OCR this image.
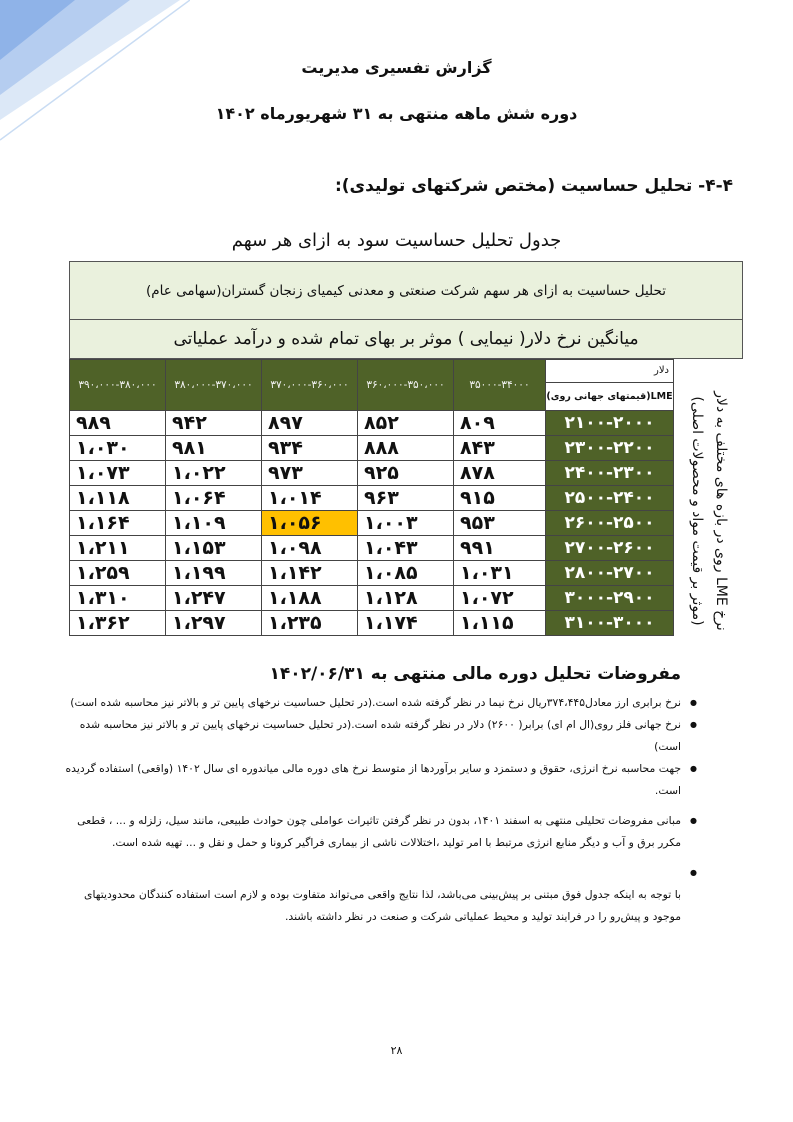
گزارش تفسیری مدیریت
دوره شش ماهه منتهی به ۳۱ شهریورماه ۱۴۰۲
۴-۴- تحلیل حساسیت (مختص شرکتهای تولیدی):
جدول تحلیل حساسیت سود به ازای هر سهم
تحلیل حساسیت به ازای هر سهم شرکت صنعتی و معدنی کیمیای زنجان گستران(سهامی عام)
میانگین نرخ دلار( نیمایی ) موثر بر بهای تمام شده و درآمد عملیاتی
۳۹۰،۰۰۰-۳۸۰،۰۰۰	۳۸۰،۰۰۰-۳۷۰،۰۰۰	۳۷۰،۰۰۰-۳۶۰،۰۰۰	۳۶۰،۰۰۰-۳۵۰،۰۰۰	۳۵۰۰۰-۳۴۰۰۰	دلار
LME(قیمتهای جهانی روی)

۹۸۹	۹۴۲	۸۹۷	۸۵۲	۸۰۹	۲۱۰۰-۲۰۰۰
۱،۰۳۰	۹۸۱	۹۳۴	۸۸۸	۸۴۳	۲۳۰۰-۲۲۰۰
۱،۰۷۳	۱،۰۲۲	۹۷۳	۹۲۵	۸۷۸	۲۴۰۰-۲۳۰۰
۱،۱۱۸	۱،۰۶۴	۱،۰۱۴	۹۶۳	۹۱۵	۲۵۰۰-۲۴۰۰
۱،۱۶۴	۱،۱۰۹	۱،۰۵۶	۱،۰۰۳	۹۵۳	۲۶۰۰-۲۵۰۰
۱،۲۱۱	۱،۱۵۳	۱،۰۹۸	۱،۰۴۳	۹۹۱	۲۷۰۰-۲۶۰۰
۱،۲۵۹	۱،۱۹۹	۱،۱۴۲	۱،۰۸۵	۱،۰۳۱	۲۸۰۰-۲۷۰۰
۱،۳۱۰	۱،۲۴۷	۱،۱۸۸	۱،۱۲۸	۱،۰۷۲	۳۰۰۰-۲۹۰۰
۱،۳۶۲	۱،۲۹۷	۱،۲۳۵	۱،۱۷۴	۱،۱۱۵	۳۱۰۰-۳۰۰۰
نرخ LME روی در بازه های مختلف به دلار
(موثر بر قیمت مواد و محصولات اصلی)
مفروضات تحلیل دوره مالی منتهی به ۱۴۰۲/۰۶/۳۱
● نرخ برابری ارز معادل۳۷۴،۴۴۵ریال نرخ نیما در نظر گرفته شده است.(در تحلیل حساسیت نرخهای پایین تر و بالاتر نیز محاسبه شده است)
● نرخ جهانی فلز روی(ال ام ای) برابر( ۲۶۰۰) دلار در نظر گرفته شده است.(در تحلیل حساسیت نرخهای پایین تر و بالاتر نیز محاسبه شده است)
● جهت محاسبه نرخ انرژی، حقوق و دستمزد و سایر برآوردها از متوسط نرخ های دوره مالی میاندوره ای سال ۱۴۰۲ (واقعی) استفاده گردیده است.
● مبانی مفروضات تحلیلی منتهی به اسفند ۱۴۰۱، بدون در نظر گرفتن تاثیرات عواملی چون حوادث طبیعی، مانند سیل، زلزله و ... ، قطعی مکرر برق و آب و دیگر منابع انرژی مرتبط با امر تولید ،اختلالات ناشی از بیماری فراگیر کرونا و حمل و نقل و ... تهیه شده است.
● با توجه به اینکه جدول فوق مبتنی بر پیش‌بینی می‌باشد، لذا نتایج واقعی می‌تواند متفاوت بوده و لازم است استفاده کنندگان محدودیتهای موجود و پیش‌رو را در فرایند تولید و محیط عملیاتی شرکت و صنعت در نظر داشته باشند.
۲۸
